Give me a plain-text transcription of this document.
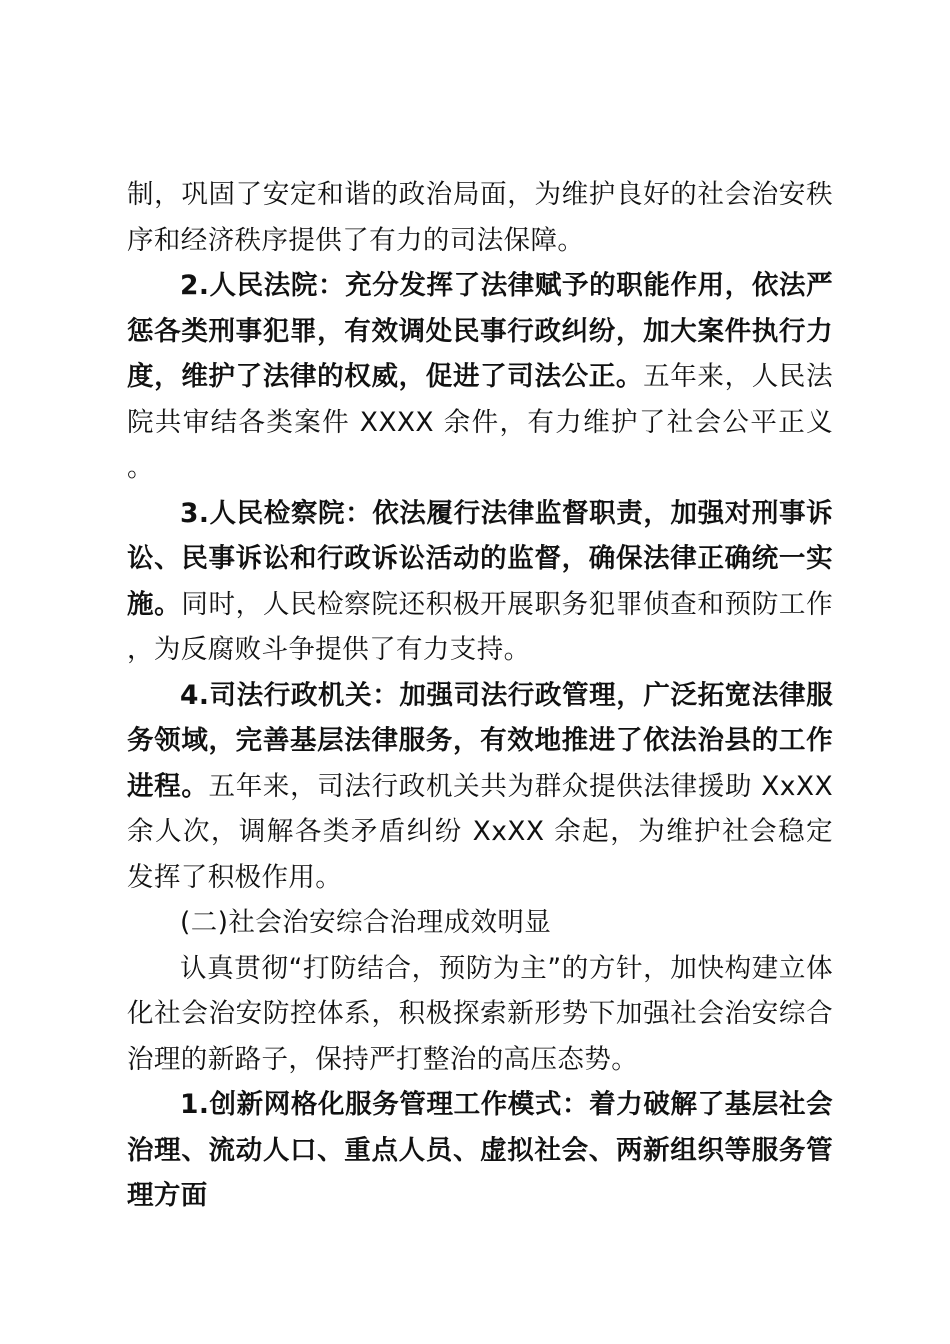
制，巩固了安定和谐的政治局面，为维护良好的社会治安秩序和经济秩序提供了有力的司法保障。

2.人民法院：充分发挥了法律赋予的职能作用，依法严惩各类刑事犯罪，有效调处民事行政纠纷，加大案件执行力度，维护了法律的权威，促进了司法公正。五年来，人民法院共审结各类案件 XXXX 余件，有力维护了社会公平正义。

3.人民检察院：依法履行法律监督职责，加强对刑事诉讼、民事诉讼和行政诉讼活动的监督，确保法律正确统一实施。同时，人民检察院还积极开展职务犯罪侦查和预防工作，为反腐败斗争提供了有力支持。

4.司法行政机关：加强司法行政管理，广泛拓宽法律服务领域，完善基层法律服务，有效地推进了依法治县的工作进程。五年来，司法行政机关共为群众提供法律援助 XxXX 余人次，调解各类矛盾纠纷 XxXX 余起，为维护社会稳定发挥了积极作用。

(二)社会治安综合治理成效明显

认真贯彻“打防结合，预防为主”的方针，加快构建立体化社会治安防控体系，积极探索新形势下加强社会治安综合治理的新路子，保持严打整治的高压态势。

1.创新网格化服务管理工作模式：着力破解了基层社会治理、流动人口、重点人员、虚拟社会、两新组织等服务管理方面
